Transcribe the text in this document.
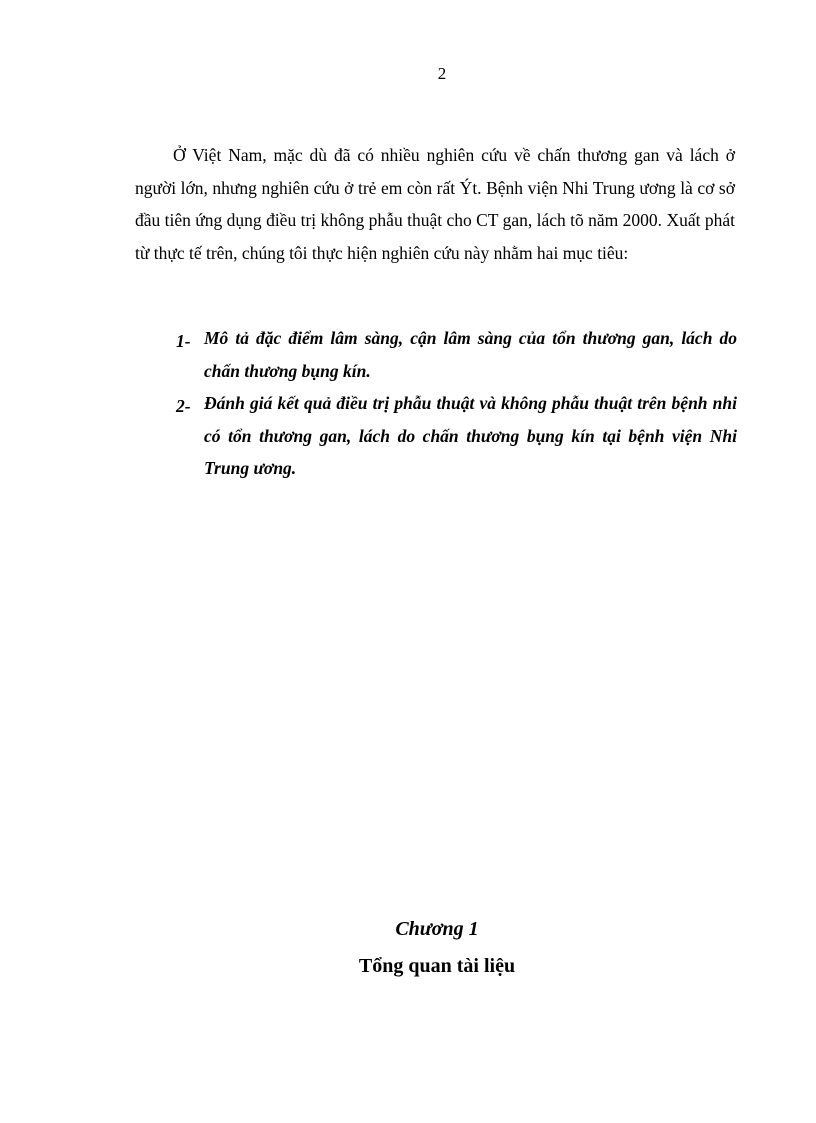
2

Ở Việt Nam, mặc dù đã có nhiều nghiên cứu về chấn thương gan và lách ở người lớn, nhưng nghiên cứu ở trẻ em còn rất Ýt. Bệnh viện Nhi Trung ương là cơ sở đầu tiên ứng dụng điều trị không phẫu thuật cho CT gan, lách tõ năm 2000. Xuất phát từ thực tế trên, chúng tôi thực hiện nghiên cứu này nhằm hai mục tiêu:

1- Mô tả đặc điểm lâm sàng, cận lâm sàng của tổn thương gan, lách do chấn thương bụng kín.
2- Đánh giá kết quả điều trị phẫu thuật và không phẫu thuật trên bệnh nhi có tổn thương gan, lách do chấn thương bụng kín tại bệnh viện Nhi Trung ương.
Chương 1
Tổng quan tài liệu
